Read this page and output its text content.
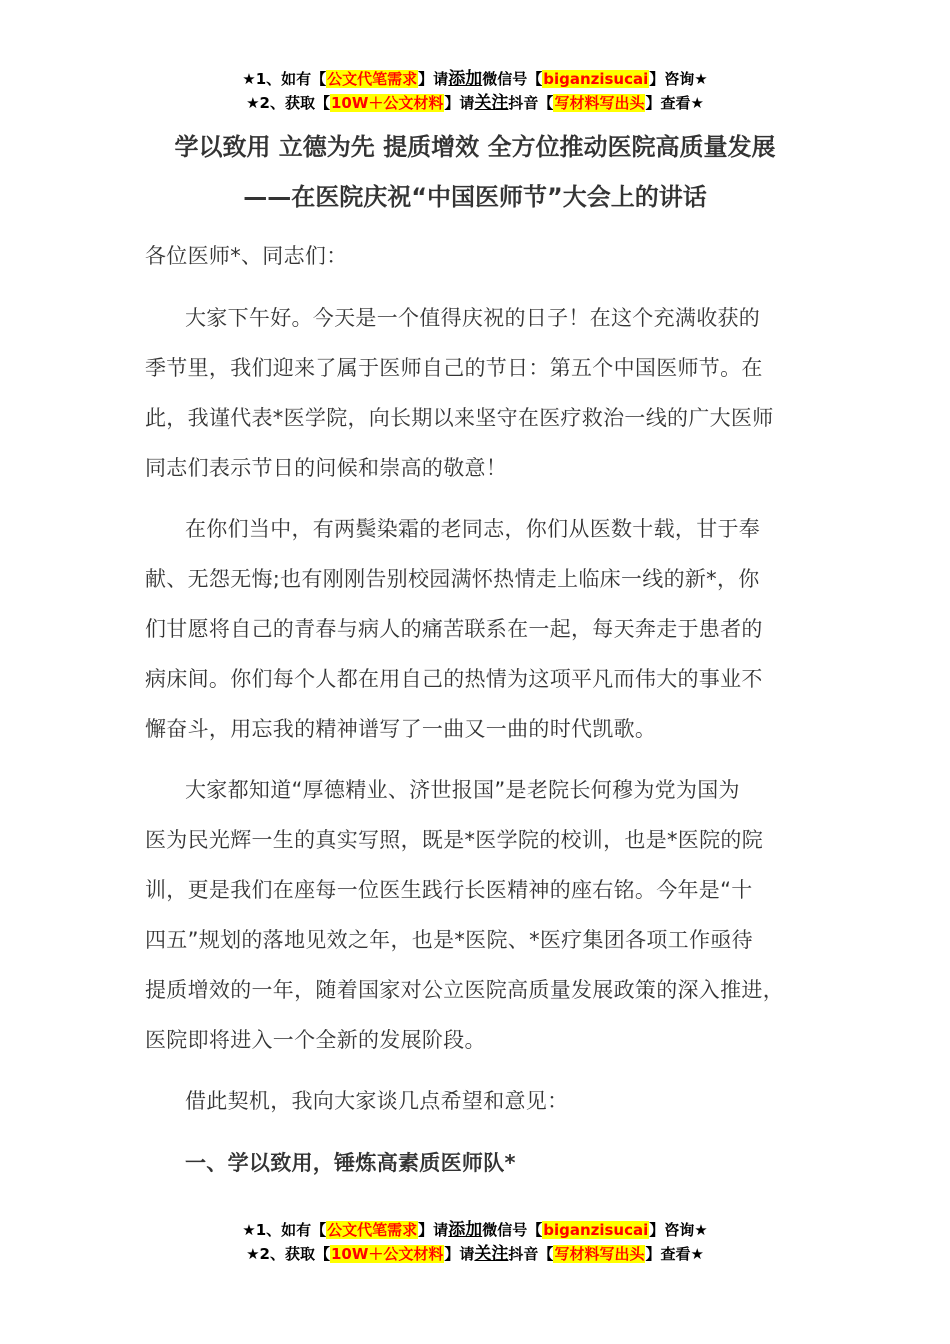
★1、如有【公文代笔需求】请添加微信号【biganzisucai】咨询★
★2、获取【10W＋公文材料】请关注抖音【写材料写出头】查看★
学以致用 立德为先 提质增效 全方位推动医院高质量发展
——在医院庆祝“中国医师节”大会上的讲话
各位医师*、同志们：
大家下午好。今天是一个值得庆祝的日子！在这个充满收获的
季节里，我们迎来了属于医师自己的节日：第五个中国医师节。在
此，我谨代表*医学院，向长期以来坚守在医疗救治一线的广大医师
同志们表示节日的问候和崇高的敬意！
在你们当中，有两鬓染霜的老同志，你们从医数十载，甘于奉
献、无怨无悔;也有刚刚告别校园满怀热情走上临床一线的新*，你
们甘愿将自己的青春与病人的痛苦联系在一起，每天奔走于患者的
病床间。你们每个人都在用自己的热情为这项平凡而伟大的事业不
懈奋斗，用忘我的精神谱写了一曲又一曲的时代凯歌。
大家都知道“厚德精业、济世报国”是老院长何穆为党为国为
医为民光辉一生的真实写照，既是*医学院的校训，也是*医院的院
训，更是我们在座每一位医生践行长医精神的座右铭。今年是“十
四五”规划的落地见效之年，也是*医院、*医疗集团各项工作亟待
提质增效的一年，随着国家对公立医院高质量发展政策的深入推进，
医院即将进入一个全新的发展阶段。
借此契机，我向大家谈几点希望和意见：
一、学以致用，锤炼高素质医师队*
★1、如有【公文代笔需求】请添加微信号【biganzisucai】咨询★
★2、获取【10W＋公文材料】请关注抖音【写材料写出头】查看★
